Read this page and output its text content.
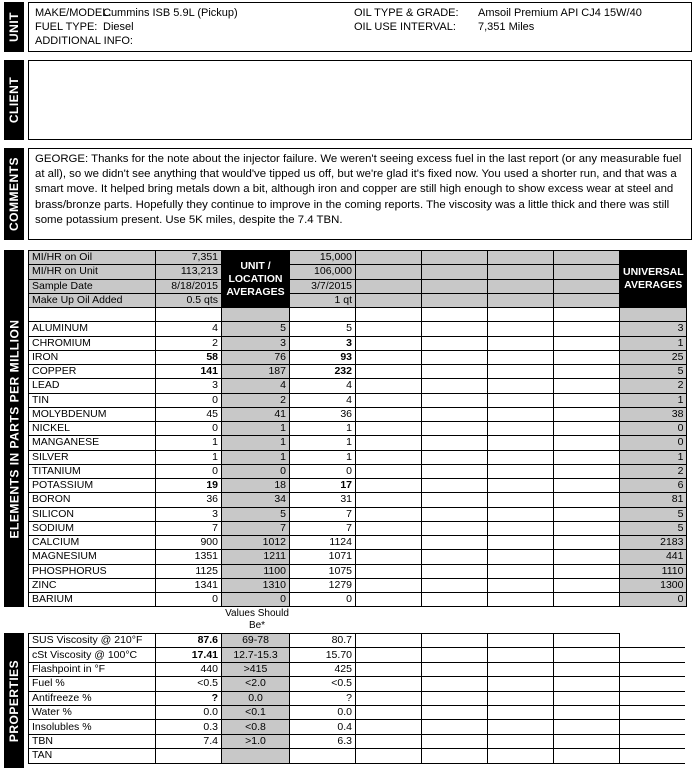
UNIT MAKE/MODEL:Cummins ISB 5.9L (Pickup)
FUEL TYPE: Diesel
ADDITIONAL INFO:
OIL TYPE & GRADE: Amsoil Premium API CJ4 15W/40
OIL USE INTERVAL: 7,351 Miles
CLIENT
COMMENTS GEORGE: Thanks for the note about the injector failure. We weren't seeing excess fuel in the last report (or any measurable fuel at all), so we didn't see anything that would've tipped us off, but we're glad it's fixed now. You used a shorter run, and that was a smart move. It helped bring metals down a bit, although iron and copper are still high enough to show excess wear at steel and brass/bronze parts. Hopefully they continue to improve in the coming reports. The viscosity was a little thick and there was still some potassium present. Use 5K miles, despite the 7.4 TBN.
ELEMENTS IN PARTS PER MILLION
MI/HR on Oil	7,351	UNIT / LOCATION AVERAGES	15,000					UNIVERSAL AVERAGES
MI/HR on Unit	113,213		106,000					
Sample Date	8/18/2015		3/7/2015					
Make Up Oil Added	0.5 qts		1 qt					

ALUMINUM	4	5	5					3
CHROMIUM	2	3	3					1
IRON	58	76	93					25
COPPER	141	187	232					5
LEAD	3	4	4					2
TIN	0	2	4					1
MOLYBDENUM	45	41	36					38
NICKEL	0	1	1					0
MANGANESE	1	1	1					0
SILVER	1	1	1					1
TITANIUM	0	0	0					2
POTASSIUM	19	18	17					6
BORON	36	34	31					81
SILICON	3	5	7					5
SODIUM	7	7	7					5
CALCIUM	900	1012	1124					2183
MAGNESIUM	1351	1211	1071					441
PHOSPHORUS	1125	1100	1075					1110
ZINC	1341	1310	1279					1300
BARIUM	0	0	0					0
Values Should Be*
PROPERTIES
SUS Viscosity @ 210°F	87.6	69-78	80.7					
cSt Viscosity @ 100°C	17.41	12.7-15.3	15.70					
Flashpoint in °F	440	>415	425					
Fuel %	<0.5	<2.0	<0.5					
Antifreeze %	?	0.0	?					
Water %	0.0	<0.1	0.0					
Insolubles %	0.3	<0.8	0.4					
TBN	7.4	>1.0	6.3					
TAN								
